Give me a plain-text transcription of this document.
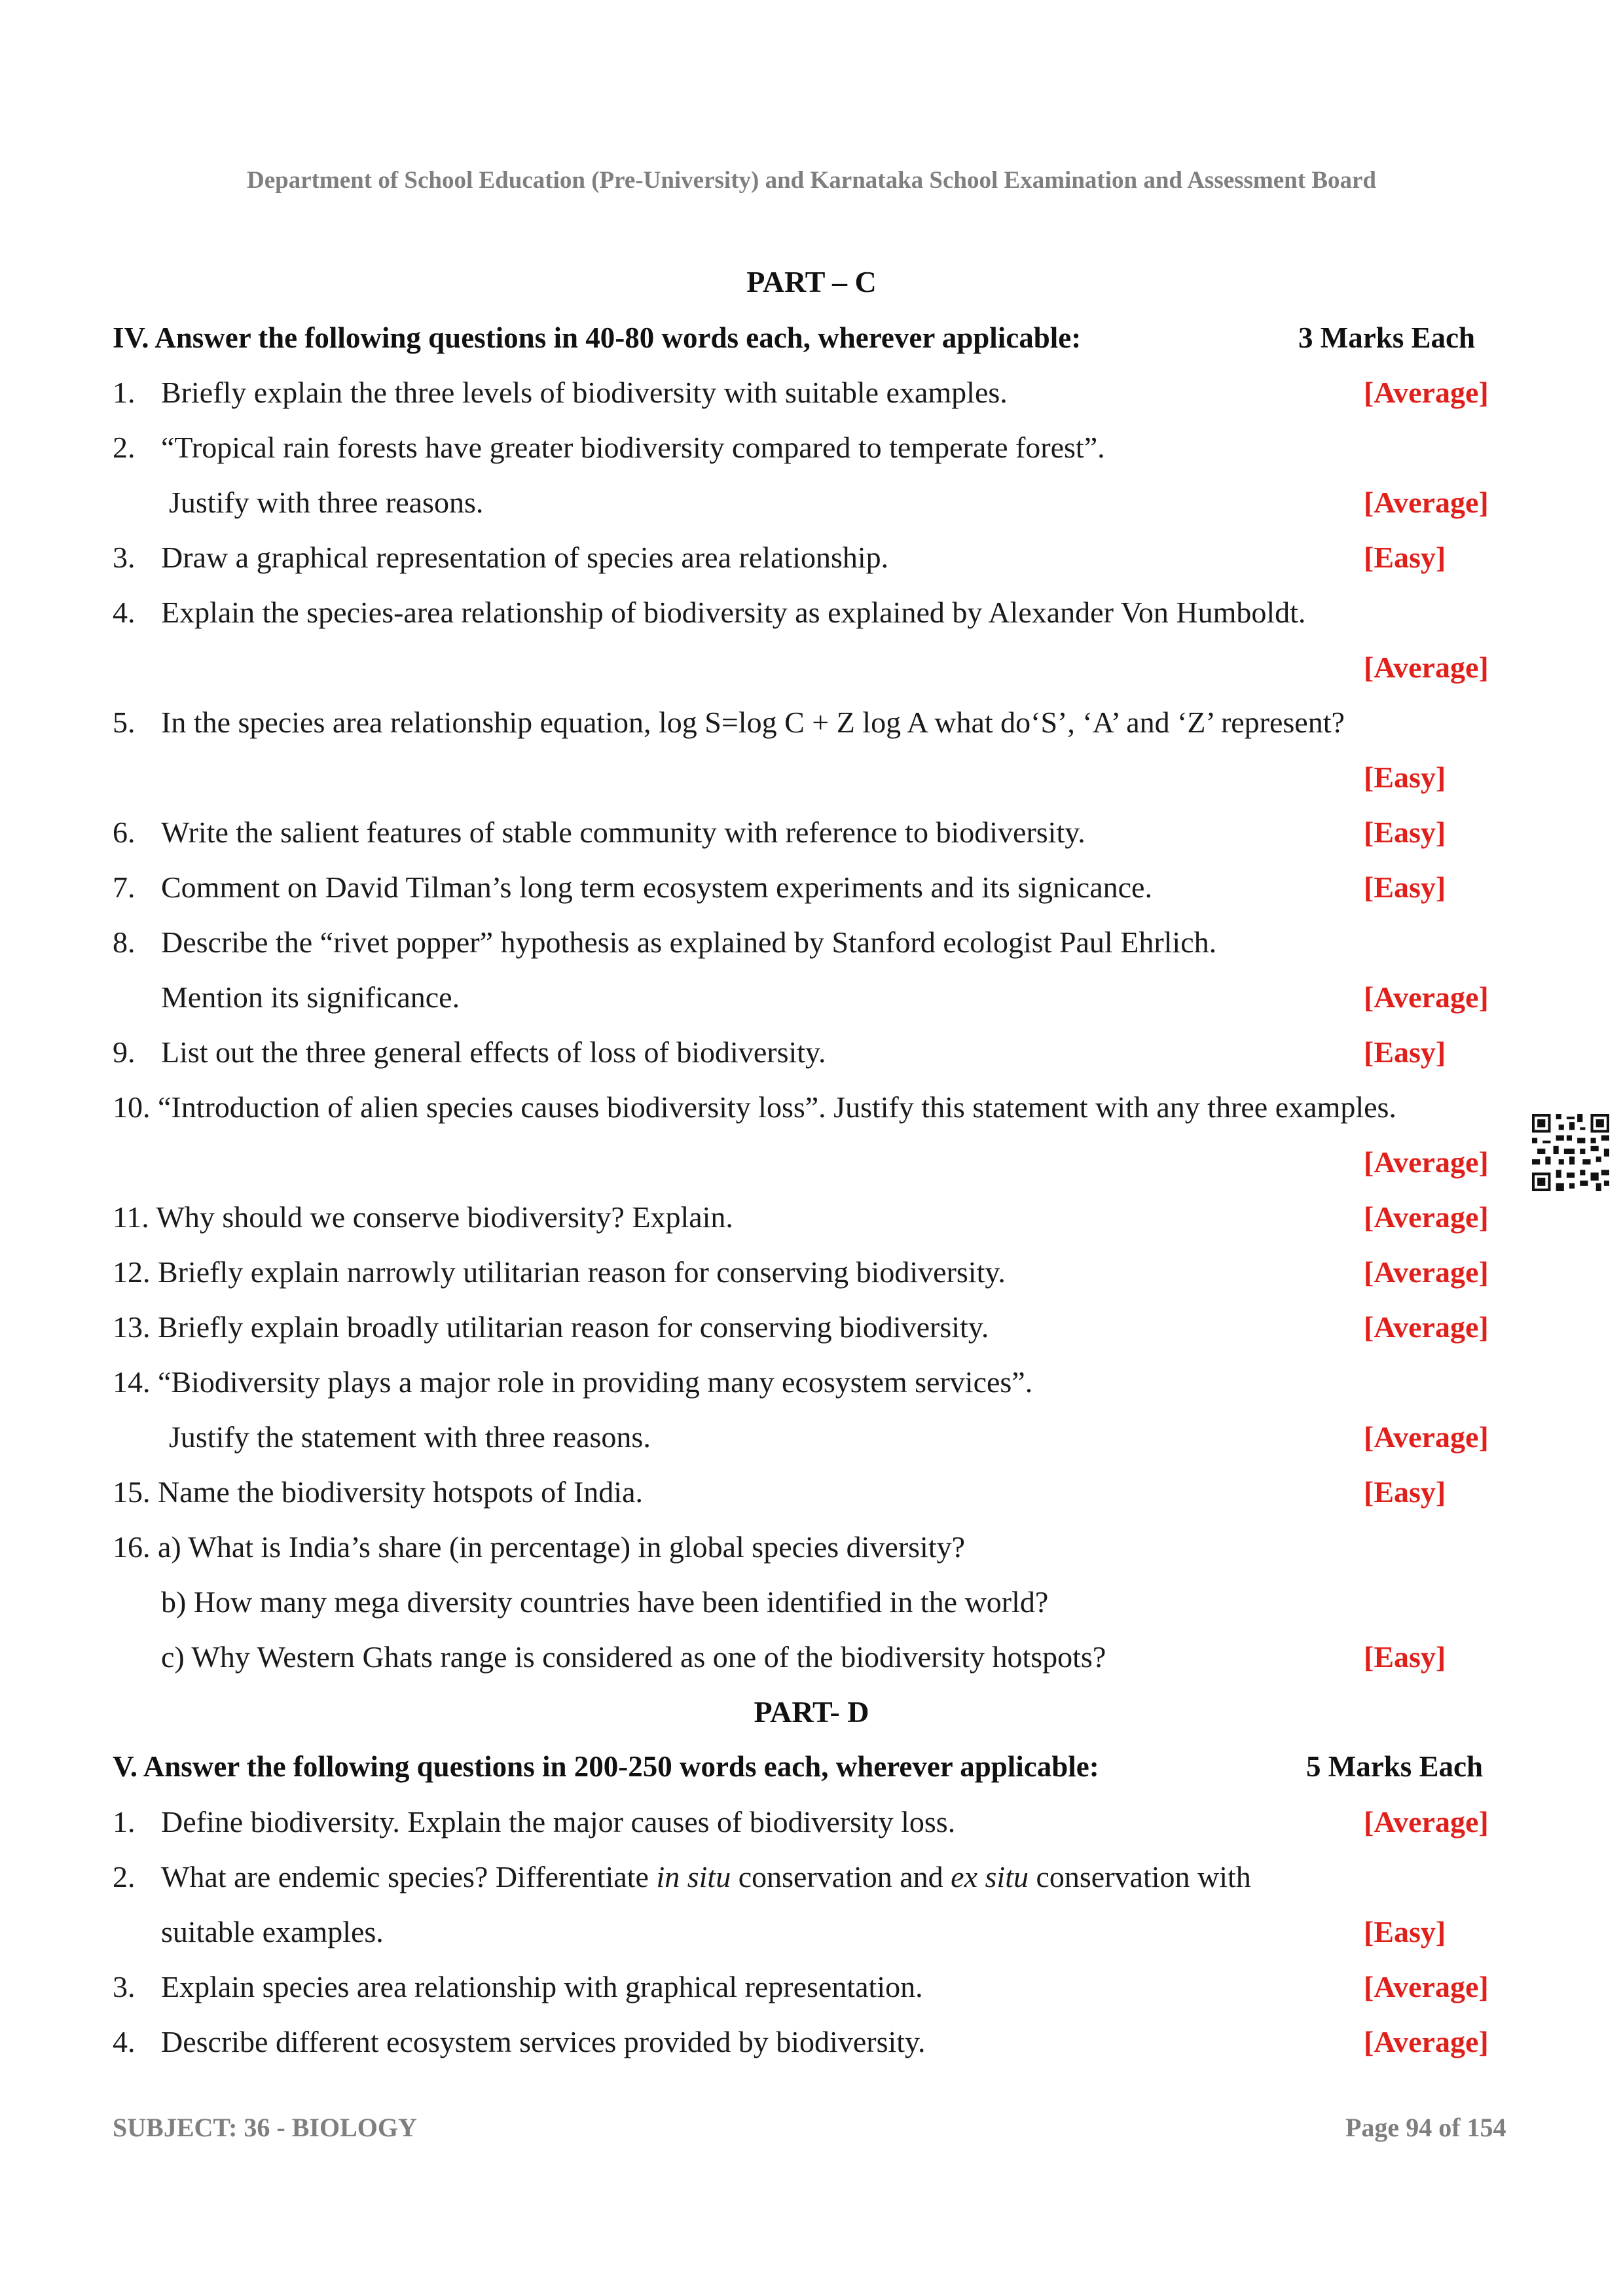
Department of School Education (Pre-University) and Karnataka School Examination and Assessment Board
PART – C
IV. Answer the following questions in 40-80 words each, wherever applicable:	3 Marks Each
1. Briefly explain the three levels of biodiversity with suitable examples.	[Average]
2. “Tropical rain forests have greater biodiversity compared to temperate forest”.
Justify with three reasons.	[Average]
3. Draw a graphical representation of species area relationship.	[Easy]
4. Explain the species-area relationship of biodiversity as explained by Alexander Von Humboldt.
[Average]
5. In the species area relationship equation, log S=log C + Z log A what do‘S’, ‘A’ and ‘Z’ represent?
[Easy]
6. Write the salient features of stable community with reference to biodiversity.	[Easy]
7. Comment on David Tilman’s long term ecosystem experiments and its signicance.	[Easy]
8. Describe the “rivet popper” hypothesis as explained by Stanford ecologist Paul Ehrlich.
Mention its significance.	[Average]
9. List out the three general effects of loss of biodiversity.	[Easy]
10. “Introduction of alien species causes biodiversity loss”. Justify this statement with any three examples.
[Average]
11. Why should we conserve biodiversity? Explain.	[Average]
12. Briefly explain narrowly utilitarian reason for conserving biodiversity.	[Average]
13. Briefly explain broadly utilitarian reason for conserving biodiversity.	[Average]
14. “Biodiversity plays a major role in providing many ecosystem services”.
Justify the statement with three reasons.	[Average]
15. Name the biodiversity hotspots of India.	[Easy]
16. a) What is India’s share (in percentage) in global species diversity?
b) How many mega diversity countries have been identified in the world?
c) Why Western Ghats range is considered as one of the biodiversity hotspots?	[Easy]
PART- D
V. Answer the following questions in 200-250 words each, wherever applicable:	5 Marks Each
1. Define biodiversity. Explain the major causes of biodiversity loss.	[Average]
2. What are endemic species? Differentiate in situ conservation and ex situ conservation with
suitable examples.	[Easy]
3. Explain species area relationship with graphical representation.	[Average]
4. Describe different ecosystem services provided by biodiversity.	[Average]
SUBJECT: 36 - BIOLOGY	Page 94 of 154
